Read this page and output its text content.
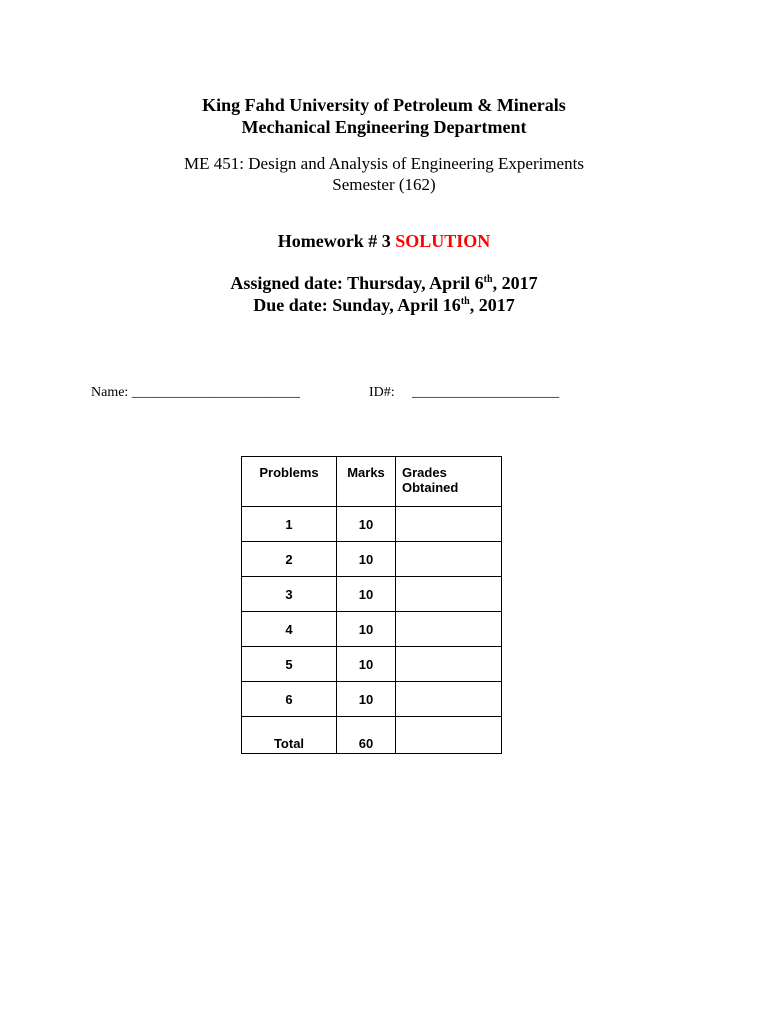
King Fahd University of Petroleum & Minerals
Mechanical Engineering Department
ME 451: Design and Analysis of Engineering Experiments
Semester (162)
Homework # 3 SOLUTION
Assigned date: Thursday, April 6th, 2017
Due date: Sunday, April 16th, 2017
Name: ________________________	ID#: _____________________
Problems	Marks	Grades Obtained
1	10	
2	10	
3	10	
4	10	
5	10	
6	10	
Total	60	
